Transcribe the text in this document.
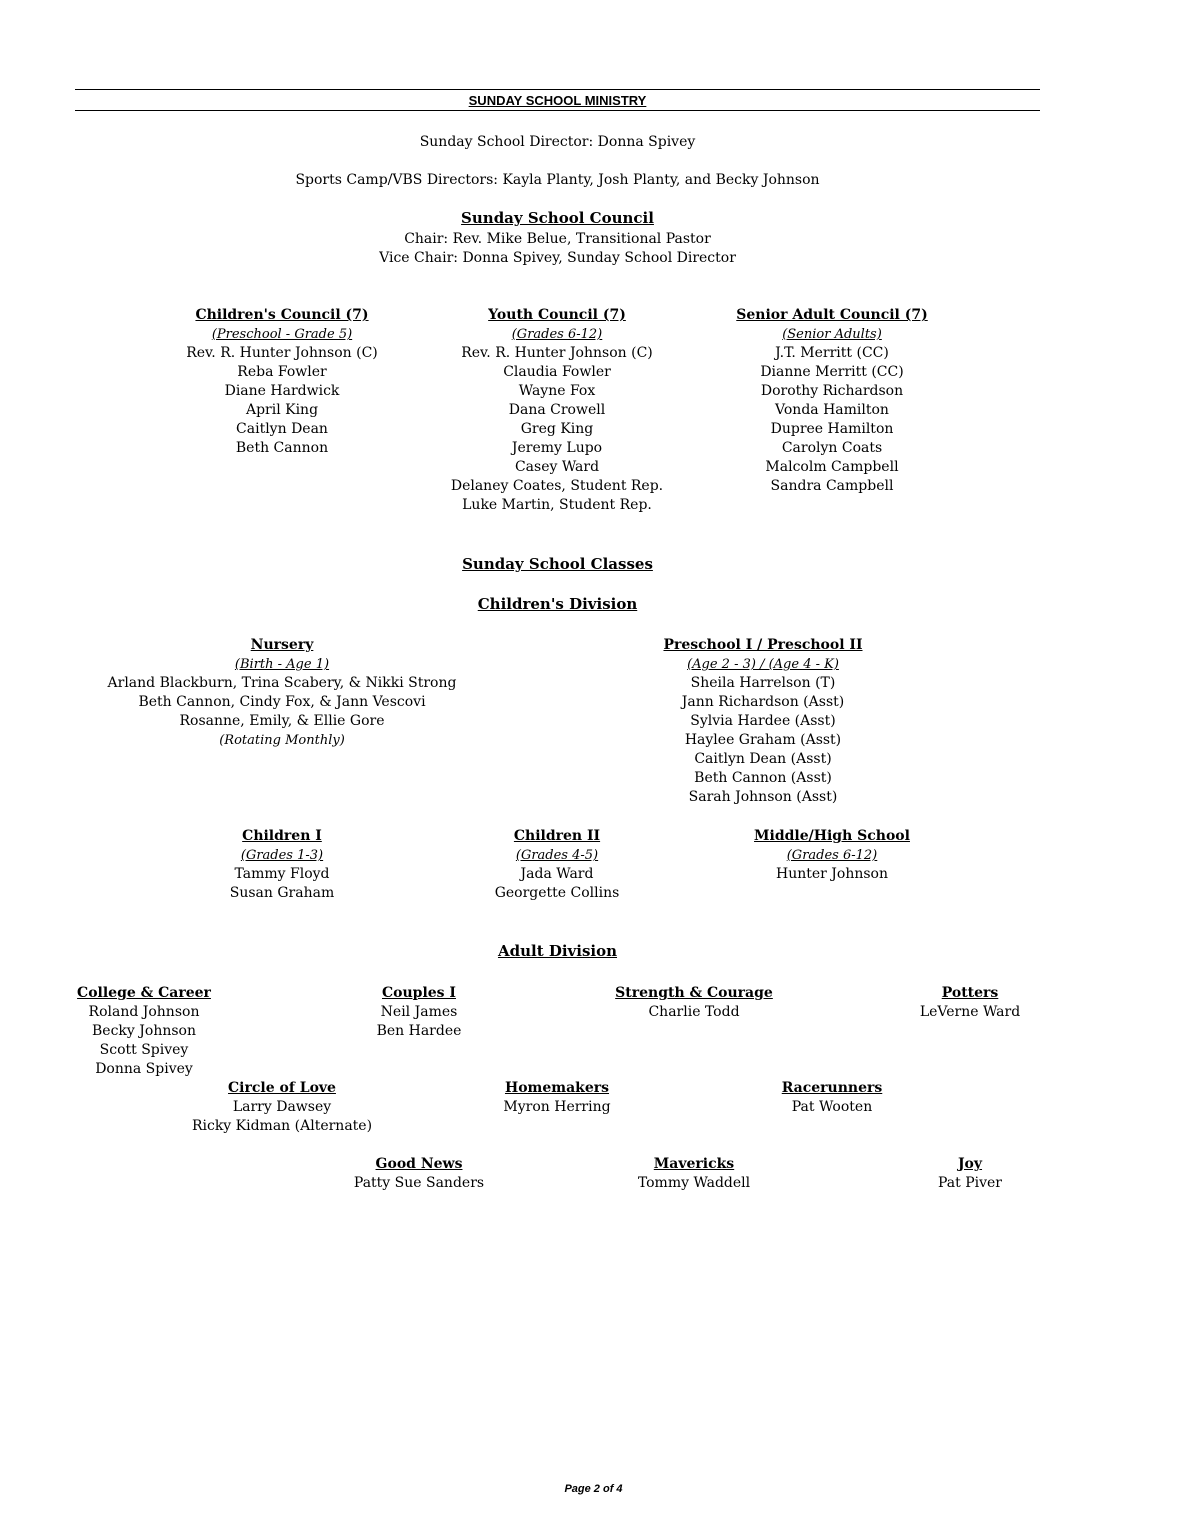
SUNDAY SCHOOL MINISTRY
Sunday School Director: Donna Spivey
Sports Camp/VBS Directors: Kayla Planty, Josh Planty, and Becky Johnson
Sunday School Council
Chair: Rev. Mike Belue, Transitional Pastor
Vice Chair: Donna Spivey, Sunday School Director
Children's Council (7)
(Preschool - Grade 5)
Rev. R. Hunter Johnson (C)
Reba Fowler
Diane Hardwick
April King
Caitlyn Dean
Beth Cannon
Youth Council (7)
(Grades 6-12)
Rev. R. Hunter Johnson (C)
Claudia Fowler
Wayne Fox
Dana Crowell
Greg King
Jeremy Lupo
Casey Ward
Delaney Coates, Student Rep.
Luke Martin, Student Rep.
Senior Adult Council (7)
(Senior Adults)
J.T. Merritt (CC)
Dianne Merritt (CC)
Dorothy Richardson
Vonda Hamilton
Dupree Hamilton
Carolyn Coats
Malcolm Campbell
Sandra Campbell
Sunday School Classes
Children's Division
Nursery
(Birth - Age 1)
Arland Blackburn, Trina Scabery, & Nikki Strong
Beth Cannon, Cindy Fox, & Jann Vescovi
Rosanne, Emily, & Ellie Gore
(Rotating Monthly)
Preschool I / Preschool II
(Age 2 - 3) / (Age 4 - K)
Sheila Harrelson (T)
Jann Richardson (Asst)
Sylvia Hardee (Asst)
Haylee Graham (Asst)
Caitlyn Dean (Asst)
Beth Cannon (Asst)
Sarah Johnson (Asst)
Children I
(Grades 1-3)
Tammy Floyd
Susan Graham
Children II
(Grades 4-5)
Jada Ward
Georgette Collins
Middle/High School
(Grades 6-12)
Hunter Johnson
Adult Division
College & Career
Roland Johnson
Becky Johnson
Scott Spivey
Donna Spivey
Couples I
Neil James
Ben Hardee
Strength & Courage
Charlie Todd
Potters
LeVerne Ward
Circle of Love
Larry Dawsey
Ricky Kidman (Alternate)
Homemakers
Myron Herring
Racerunners
Pat Wooten
Good News
Patty Sue Sanders
Mavericks
Tommy Waddell
Joy
Pat Piver
Page 2 of 4
